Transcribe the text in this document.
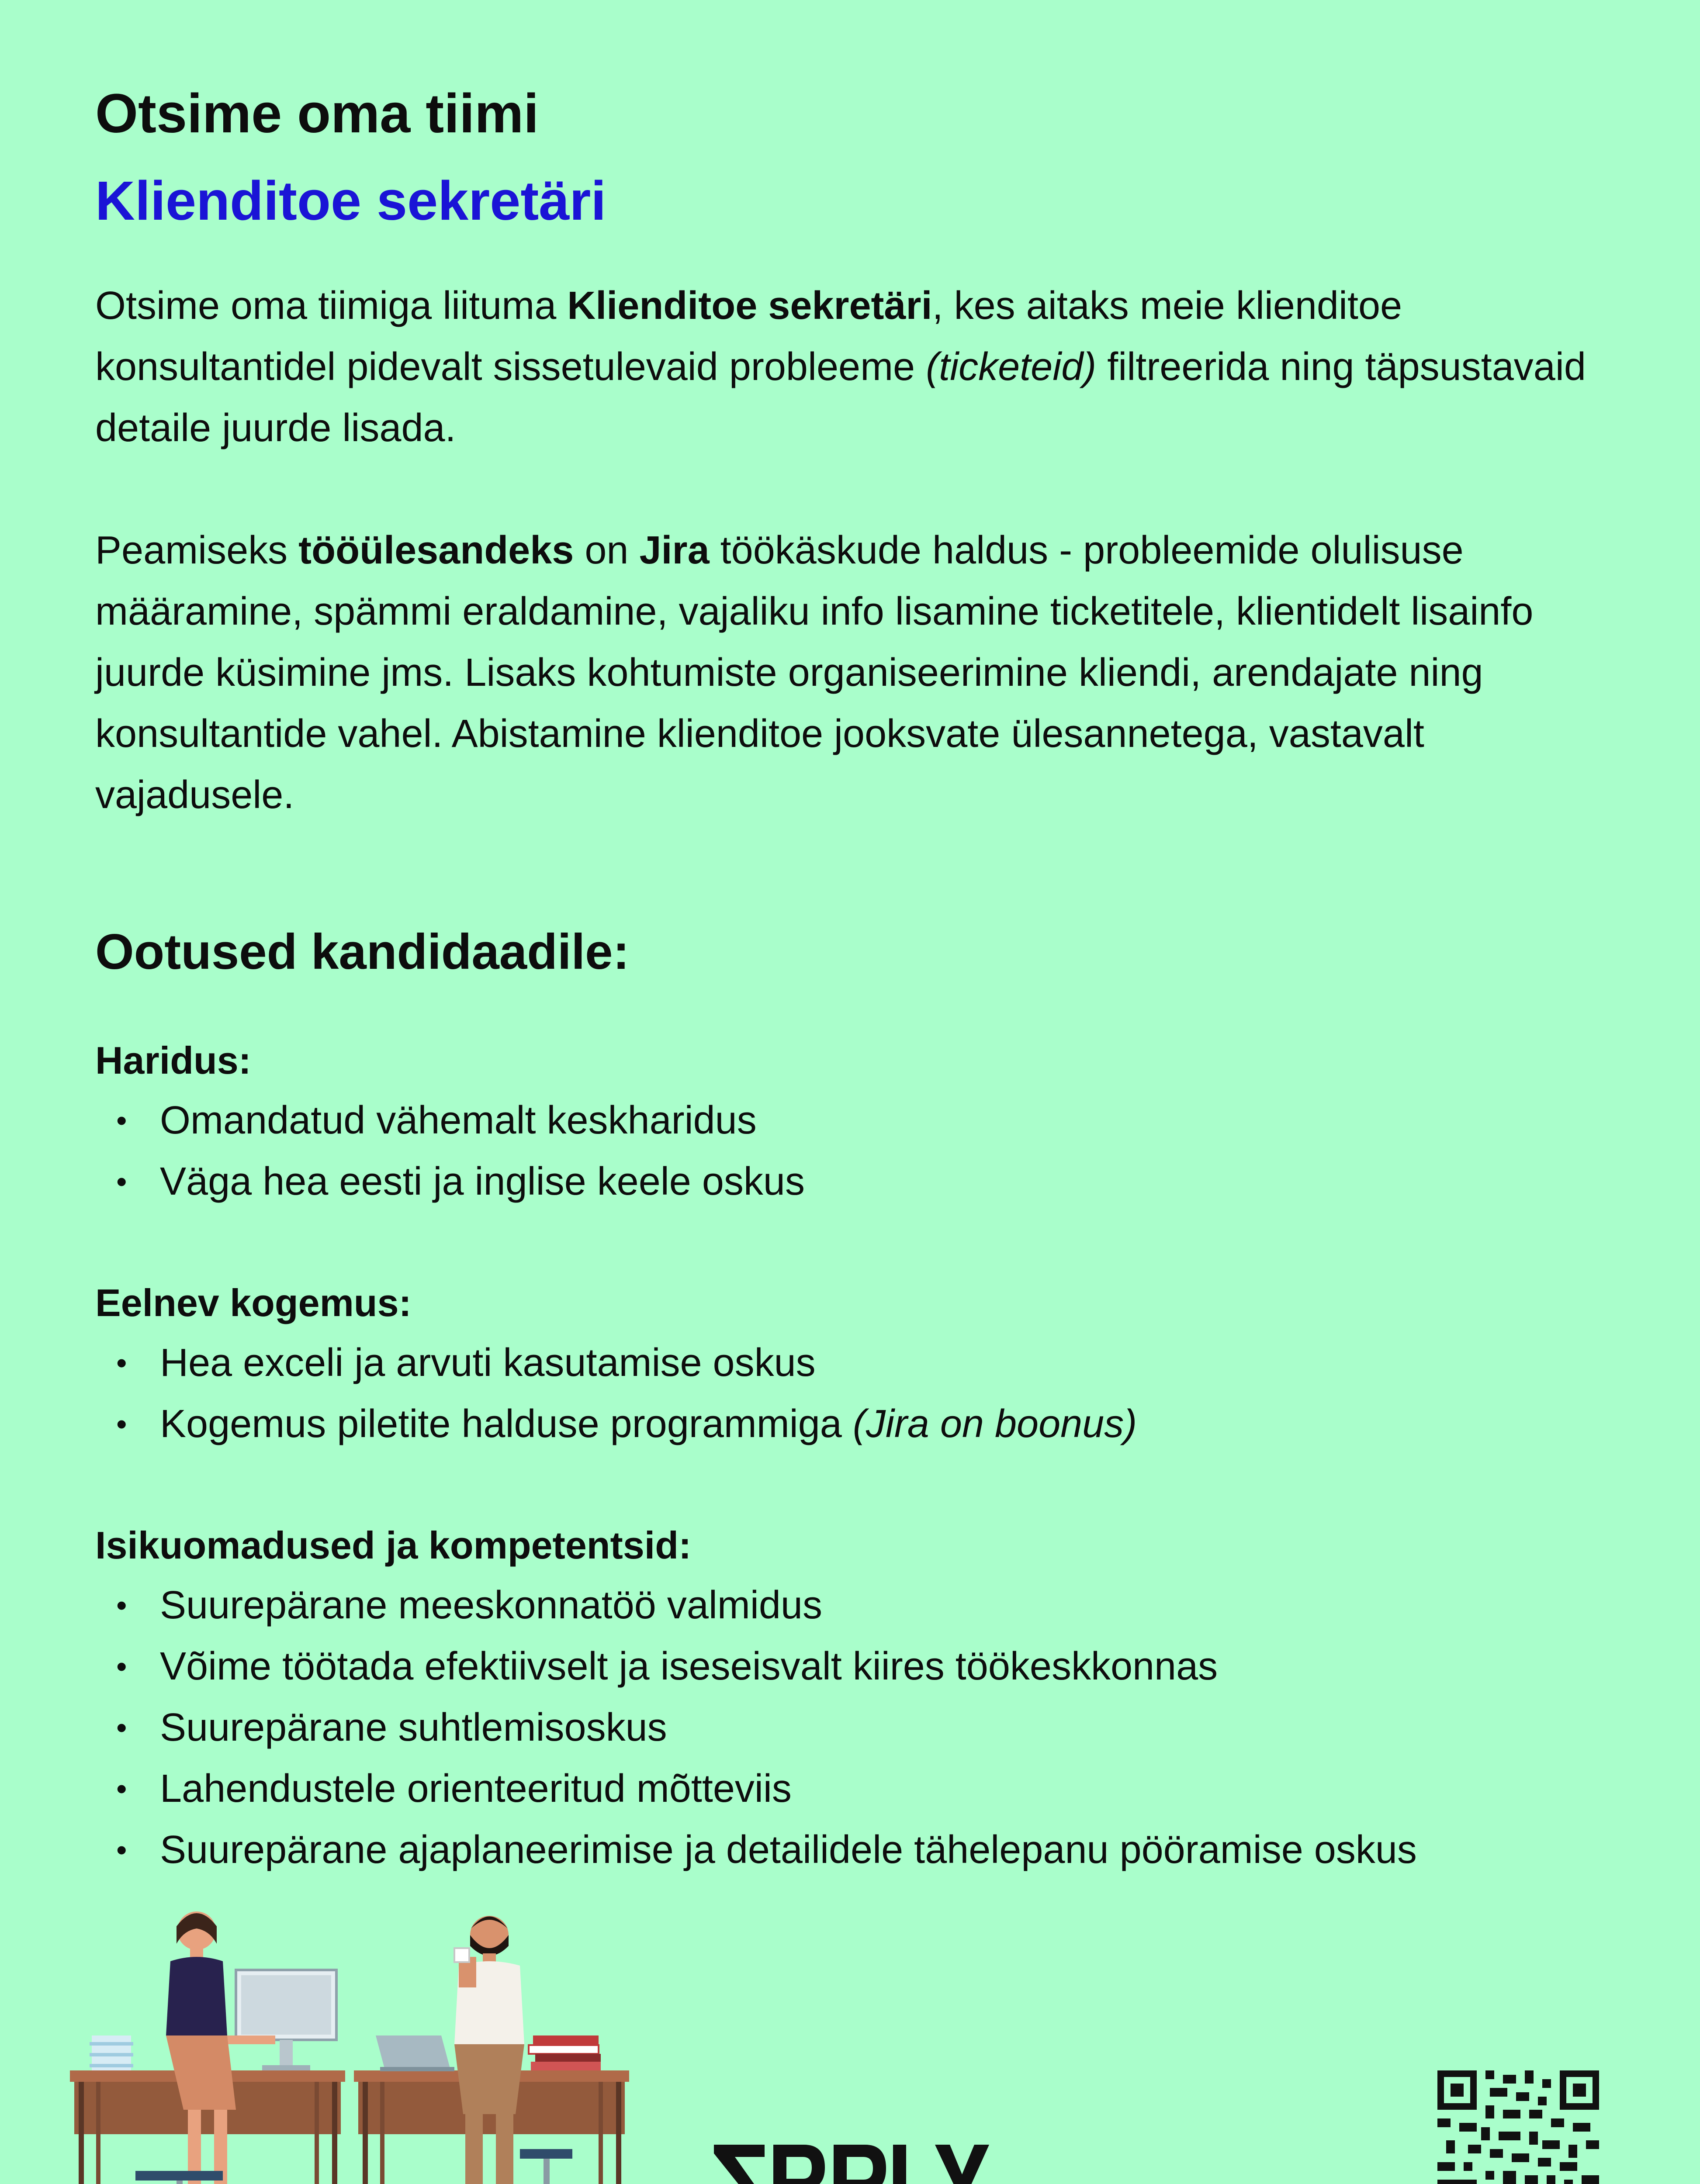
Otsime oma tiimi
Klienditoe sekretäri

Otsime oma tiimiga liituma Klienditoe sekretäri, kes aitaks meie klienditoe konsultantidel pidevalt sissetulevaid probleeme (ticketeid) filtreerida ning täpsustavaid detaile juurde lisada.

Peamiseks tööülesandeks on Jira töökäskude haldus - probleemide olulisuse määramine, spämmi eraldamine, vajaliku info lisamine ticketitele, klientidelt lisainfo juurde küsimine jms. Lisaks kohtumiste organiseerimine kliendi, arendajate ning konsultantide vahel. Abistamine klienditoe jooksvate ülesannetega, vastavalt vajadusele.

Ootused kandidaadile:

Haridus:

• Omandatud vähemalt keskharidus
• Väga hea eesti ja inglise keele oskus

Eelnev kogemus:

• Hea exceli ja arvuti kasutamise oskus
• Kogemus piletite halduse programmiga (Jira on boonus)

Isikuomadused ja kompetentsid:

• Suurepärane meeskonnatöö valmidus
• Võime töötada efektiivselt ja iseseisvalt kiires töökeskkonnas
• Suurepärane suhtlemisoskus
• Lahendustele orienteeritud mõtteviis
• Suurepärane ajaplaneerimise ja detailidele tähelepanu pööramise oskus
